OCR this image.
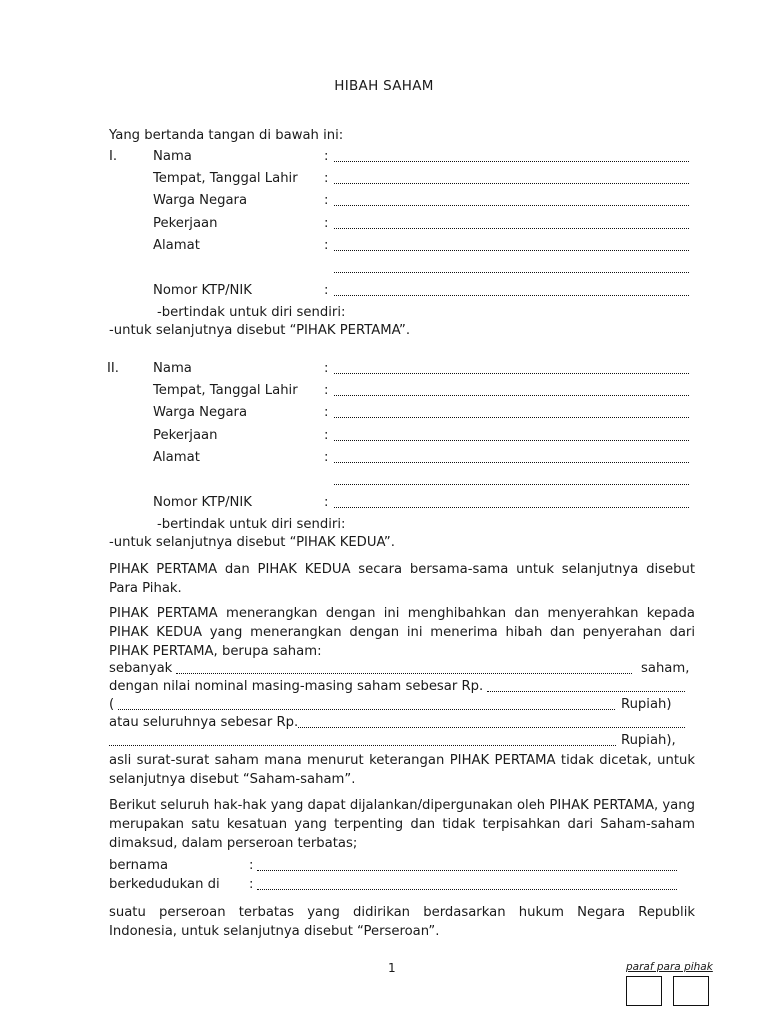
HIBAH SAHAM
Yang bertanda tangan di bawah ini:
I.	Nama	:
Tempat, Tanggal Lahir :
Warga Negara	:
Pekerjaan	:
Alamat	:
Nomor KTP/NIK	:
-bertindak untuk diri sendiri:
-untuk selanjutnya disebut “PIHAK PERTAMA”.
II.	Nama	:
Tempat, Tanggal Lahir :
Warga Negara	:
Pekerjaan	:
Alamat	:
Nomor KTP/NIK	:
-bertindak untuk diri sendiri:
-untuk selanjutnya disebut “PIHAK KEDUA”.
PIHAK PERTAMA dan PIHAK KEDUA secara bersama-sama untuk selanjutnya disebut Para Pihak.
PIHAK PERTAMA menerangkan dengan ini menghibahkan dan menyerahkan kepada PIHAK KEDUA yang menerangkan dengan ini menerima hibah dan penyerahan dari PIHAK PERTAMA, berupa saham:
sebanyak	saham,
dengan nilai nominal masing-masing saham sebesar Rp.
(	Rupiah)
atau seluruhnya sebesar Rp.
Rupiah),
asli surat-surat saham mana menurut keterangan PIHAK PERTAMA tidak dicetak, untuk selanjutnya disebut “Saham-saham”.
Berikut seluruh hak-hak yang dapat dijalankan/dipergunakan oleh PIHAK PERTAMA, yang merupakan satu kesatuan yang terpenting dan tidak terpisahkan dari Saham-saham dimaksud, dalam perseroan terbatas;
bernama	:
berkedudukan di :
suatu perseroan terbatas yang didirikan berdasarkan hukum Negara Republik Indonesia, untuk selanjutnya disebut “Perseroan”.
1	paraf para pihak
